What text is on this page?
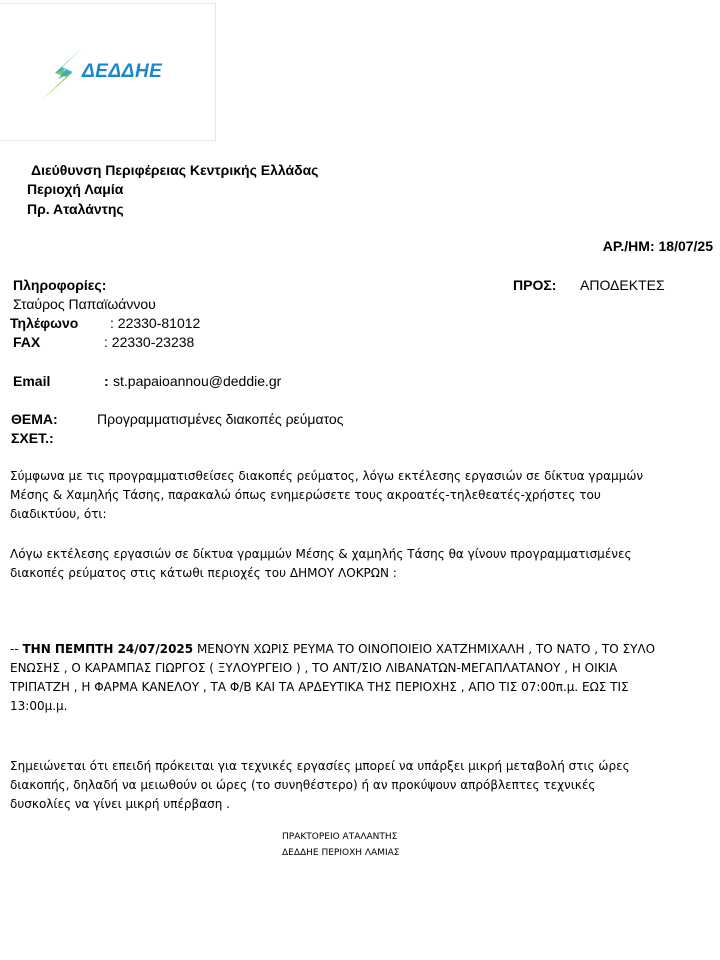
ΔΕΔΔΗΕ
Διεύθυνση Περιφέρειας Κεντρικής Ελλάδας
Περιοχή Λαμία
Πρ. Αταλάντης
ΑΡ./ΗΜ: 18/07/25
Πληροφορίες:
Σταύρος Παπαϊωάννου
Τηλέφωνο : 22330-81012
FAX	: 22330-23238
Email	: st.papaioannou@deddie.gr
ΠΡΟΣ: ΑΠΟΔΕΚΤΕΣ
ΘΕΜΑ:	Προγραμματισμένες διακοπές ρεύματος
ΣΧΕΤ.:
Σύμφωνα με τις προγραμματισθείσες διακοπές ρεύματος, λόγω εκτέλεσης εργασιών σε δίκτυα γραμμών
Μέσης & Χαμηλής Τάσης, παρακαλώ όπως ενημερώσετε τους ακροατές-τηλεθεατές-χρήστες του
διαδικτύου, ότι:
Λόγω εκτέλεσης εργασιών σε δίκτυα γραμμών Μέσης & χαμηλής Τάσης θα γίνουν προγραμματισμένες
διακοπές ρεύματος στις κάτωθι περιοχές του ΔΗΜΟΥ ΛΟΚΡΩΝ :
-- ΤΗΝ ΠΕΜΠΤΗ 24/07/2025 ΜΕΝΟΥΝ ΧΩΡΙΣ ΡΕΥΜΑ ΤΟ ΟΙΝΟΠΟΙΕΙΟ ΧΑΤΖΗΜΙΧΑΛΗ , ΤΟ ΝΑΤΟ , ΤΟ ΣΥΛΟ
ΕΝΩΣΗΣ , Ο ΚΑΡΑΜΠΑΣ ΓΙΩΡΓΟΣ ( ΞΥΛΟΥΡΓΕΙΟ ) , ΤΟ ΑΝΤ/ΣΙΟ ΛΙΒΑΝΑΤΩΝ-ΜΕΓΑΠΛΑΤΑΝΟΥ , Η ΟΙΚΙΑ
ΤΡΙΠΑΤΖΗ , Η ΦΑΡΜΑ ΚΑΝΕΛΟΥ , ΤΑ Φ/Β ΚΑΙ ΤΑ ΑΡΔΕΥΤΙΚΑ ΤΗΣ ΠΕΡΙΟΧΗΣ , ΑΠΟ ΤΙΣ 07:00π.μ. ΕΩΣ ΤΙΣ
13:00μ.μ.
Σημειώνεται ότι επειδή πρόκειται για τεχνικές εργασίες μπορεί να υπάρξει μικρή μεταβολή στις ώρες
διακοπής, δηλαδή να μειωθούν οι ώρες (το συνηθέστερο) ή αν προκύψουν απρόβλεπτες τεχνικές
δυσκολίες να γίνει μικρή υπέρβαση .
ΠΡΑΚΤΟΡΕΙΟ ΑΤΑΛΑΝΤΗΣ
ΔΕΔΔΗΕ ΠΕΡΙΟΧΗ ΛΑΜΙΑΣ
